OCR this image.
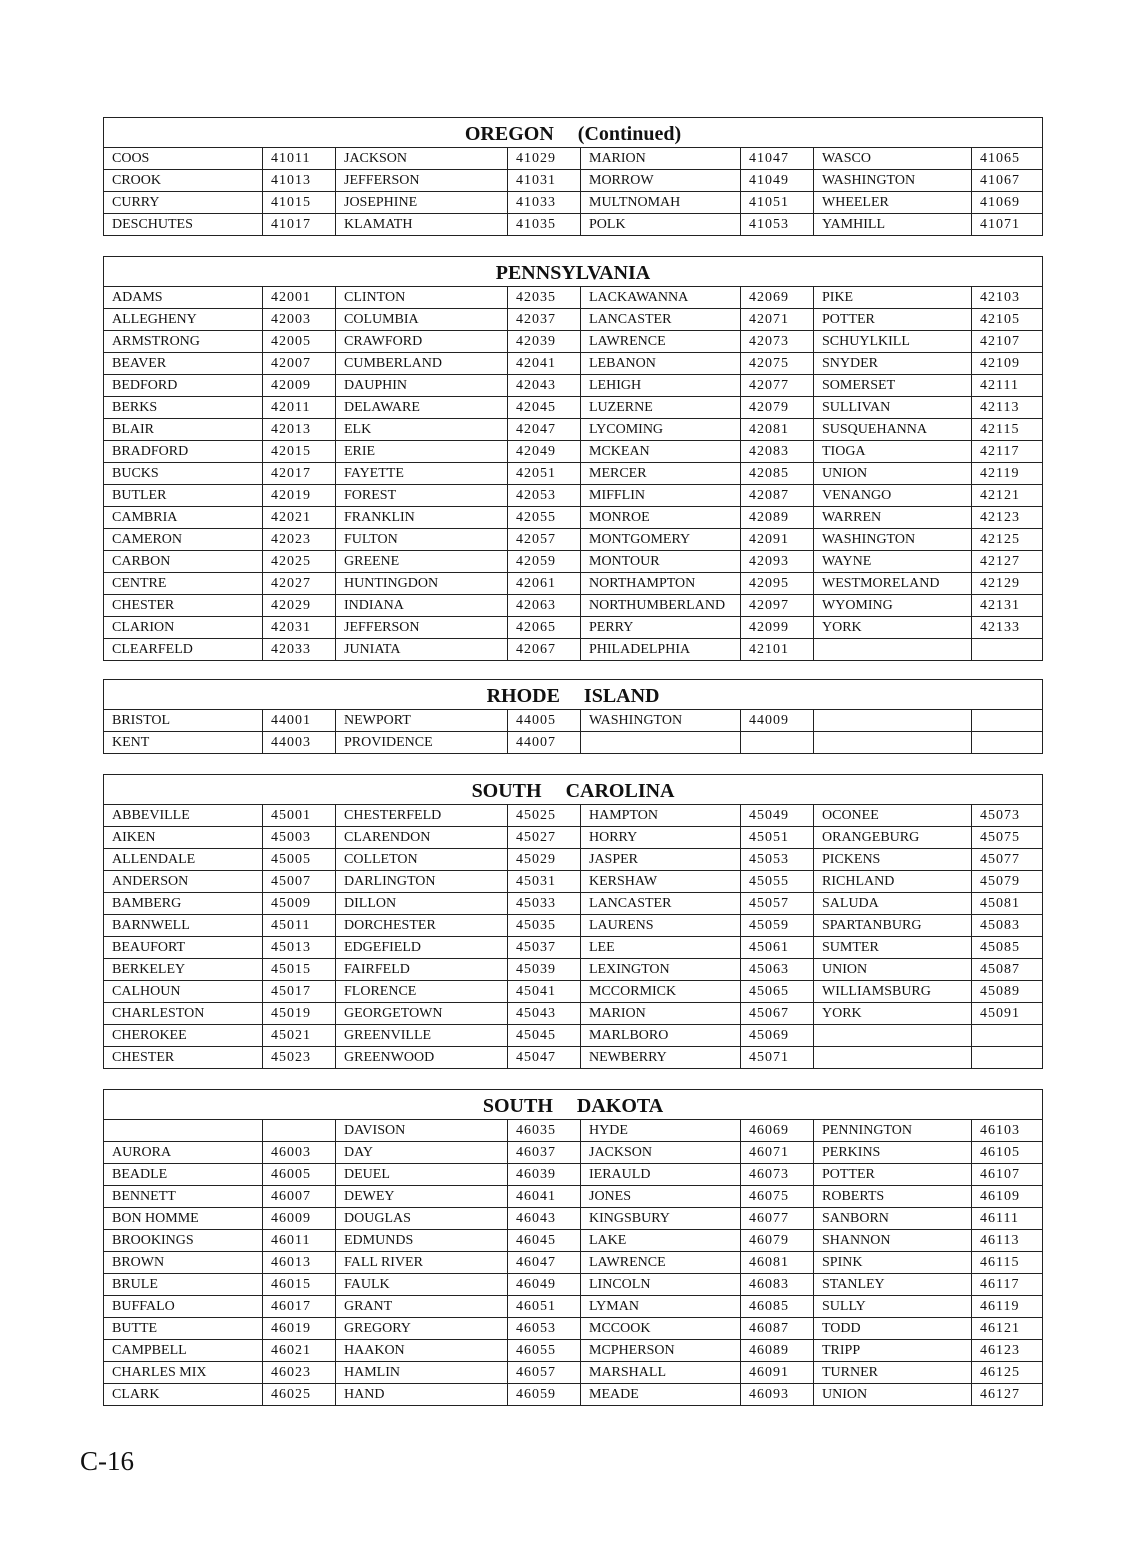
OREGON (Continued)							
COOS	41011	JACKSON	41029	MARION	41047	WASCO	41065
CROOK	41013	JEFFERSON	41031	MORROW	41049	WASHINGTON	41067
CURRY	41015	JOSEPHINE	41033	MULTNOMAH	41051	WHEELER	41069
DESCHUTES	41017	KLAMATH	41035	POLK	41053	YAMHILL	41071
PENNSYLVANIA							
ADAMS	42001	CLINTON	42035	LACKAWANNA	42069	PIKE	42103
ALLEGHENY	42003	COLUMBIA	42037	LANCASTER	42071	POTTER	42105
ARMSTRONG	42005	CRAWFORD	42039	LAWRENCE	42073	SCHUYLKILL	42107
BEAVER	42007	CUMBERLAND	42041	LEBANON	42075	SNYDER	42109
BEDFORD	42009	DAUPHIN	42043	LEHIGH	42077	SOMERSET	42111
BERKS	42011	DELAWARE	42045	LUZERNE	42079	SULLIVAN	42113
BLAIR	42013	ELK	42047	LYCOMING	42081	SUSQUEHANNA	42115
BRADFORD	42015	ERIE	42049	MCKEAN	42083	TIOGA	42117
BUCKS	42017	FAYETTE	42051	MERCER	42085	UNION	42119
BUTLER	42019	FOREST	42053	MIFFLIN	42087	VENANGO	42121
CAMBRIA	42021	FRANKLIN	42055	MONROE	42089	WARREN	42123
CAMERON	42023	FULTON	42057	MONTGOMERY	42091	WASHINGTON	42125
CARBON	42025	GREENE	42059	MONTOUR	42093	WAYNE	42127
CENTRE	42027	HUNTINGDON	42061	NORTHAMPTON	42095	WESTMORELAND	42129
CHESTER	42029	INDIANA	42063	NORTHUMBERLAND	42097	WYOMING	42131
CLARION	42031	JEFFERSON	42065	PERRY	42099	YORK	42133
CLEARFELD	42033	JUNIATA	42067	PHILADELPHIA	42101		
RHODE ISLAND							
BRISTOL	44001	NEWPORT	44005	WASHINGTON	44009		
KENT	44003	PROVIDENCE	44007				
SOUTH CAROLINA							
ABBEVILLE	45001	CHESTERFELD	45025	HAMPTON	45049	OCONEE	45073
AIKEN	45003	CLARENDON	45027	HORRY	45051	ORANGEBURG	45075
ALLENDALE	45005	COLLETON	45029	JASPER	45053	PICKENS	45077
ANDERSON	45007	DARLINGTON	45031	KERSHAW	45055	RICHLAND	45079
BAMBERG	45009	DILLON	45033	LANCASTER	45057	SALUDA	45081
BARNWELL	45011	DORCHESTER	45035	LAURENS	45059	SPARTANBURG	45083
BEAUFORT	45013	EDGEFIELD	45037	LEE	45061	SUMTER	45085
BERKELEY	45015	FAIRFELD	45039	LEXINGTON	45063	UNION	45087
CALHOUN	45017	FLORENCE	45041	MCCORMICK	45065	WILLIAMSBURG	45089
CHARLESTON	45019	GEORGETOWN	45043	MARION	45067	YORK	45091
CHEROKEE	45021	GREENVILLE	45045	MARLBORO	45069		
CHESTER	45023	GREENWOOD	45047	NEWBERRY	45071		
SOUTH DAKOTA							
		DAVISON	46035	HYDE	46069	PENNINGTON	46103
AURORA	46003	DAY	46037	JACKSON	46071	PERKINS	46105
BEADLE	46005	DEUEL	46039	IERAULD	46073	POTTER	46107
BENNETT	46007	DEWEY	46041	JONES	46075	ROBERTS	46109
BON HOMME	46009	DOUGLAS	46043	KINGSBURY	46077	SANBORN	46111
BROOKINGS	46011	EDMUNDS	46045	LAKE	46079	SHANNON	46113
BROWN	46013	FALL RIVER	46047	LAWRENCE	46081	SPINK	46115
BRULE	46015	FAULK	46049	LINCOLN	46083	STANLEY	46117
BUFFALO	46017	GRANT	46051	LYMAN	46085	SULLY	46119
BUTTE	46019	GREGORY	46053	MCCOOK	46087	TODD	46121
CAMPBELL	46021	HAAKON	46055	MCPHERSON	46089	TRIPP	46123
CHARLES MIX	46023	HAMLIN	46057	MARSHALL	46091	TURNER	46125
CLARK	46025	HAND	46059	MEADE	46093	UNION	46127
C-16
